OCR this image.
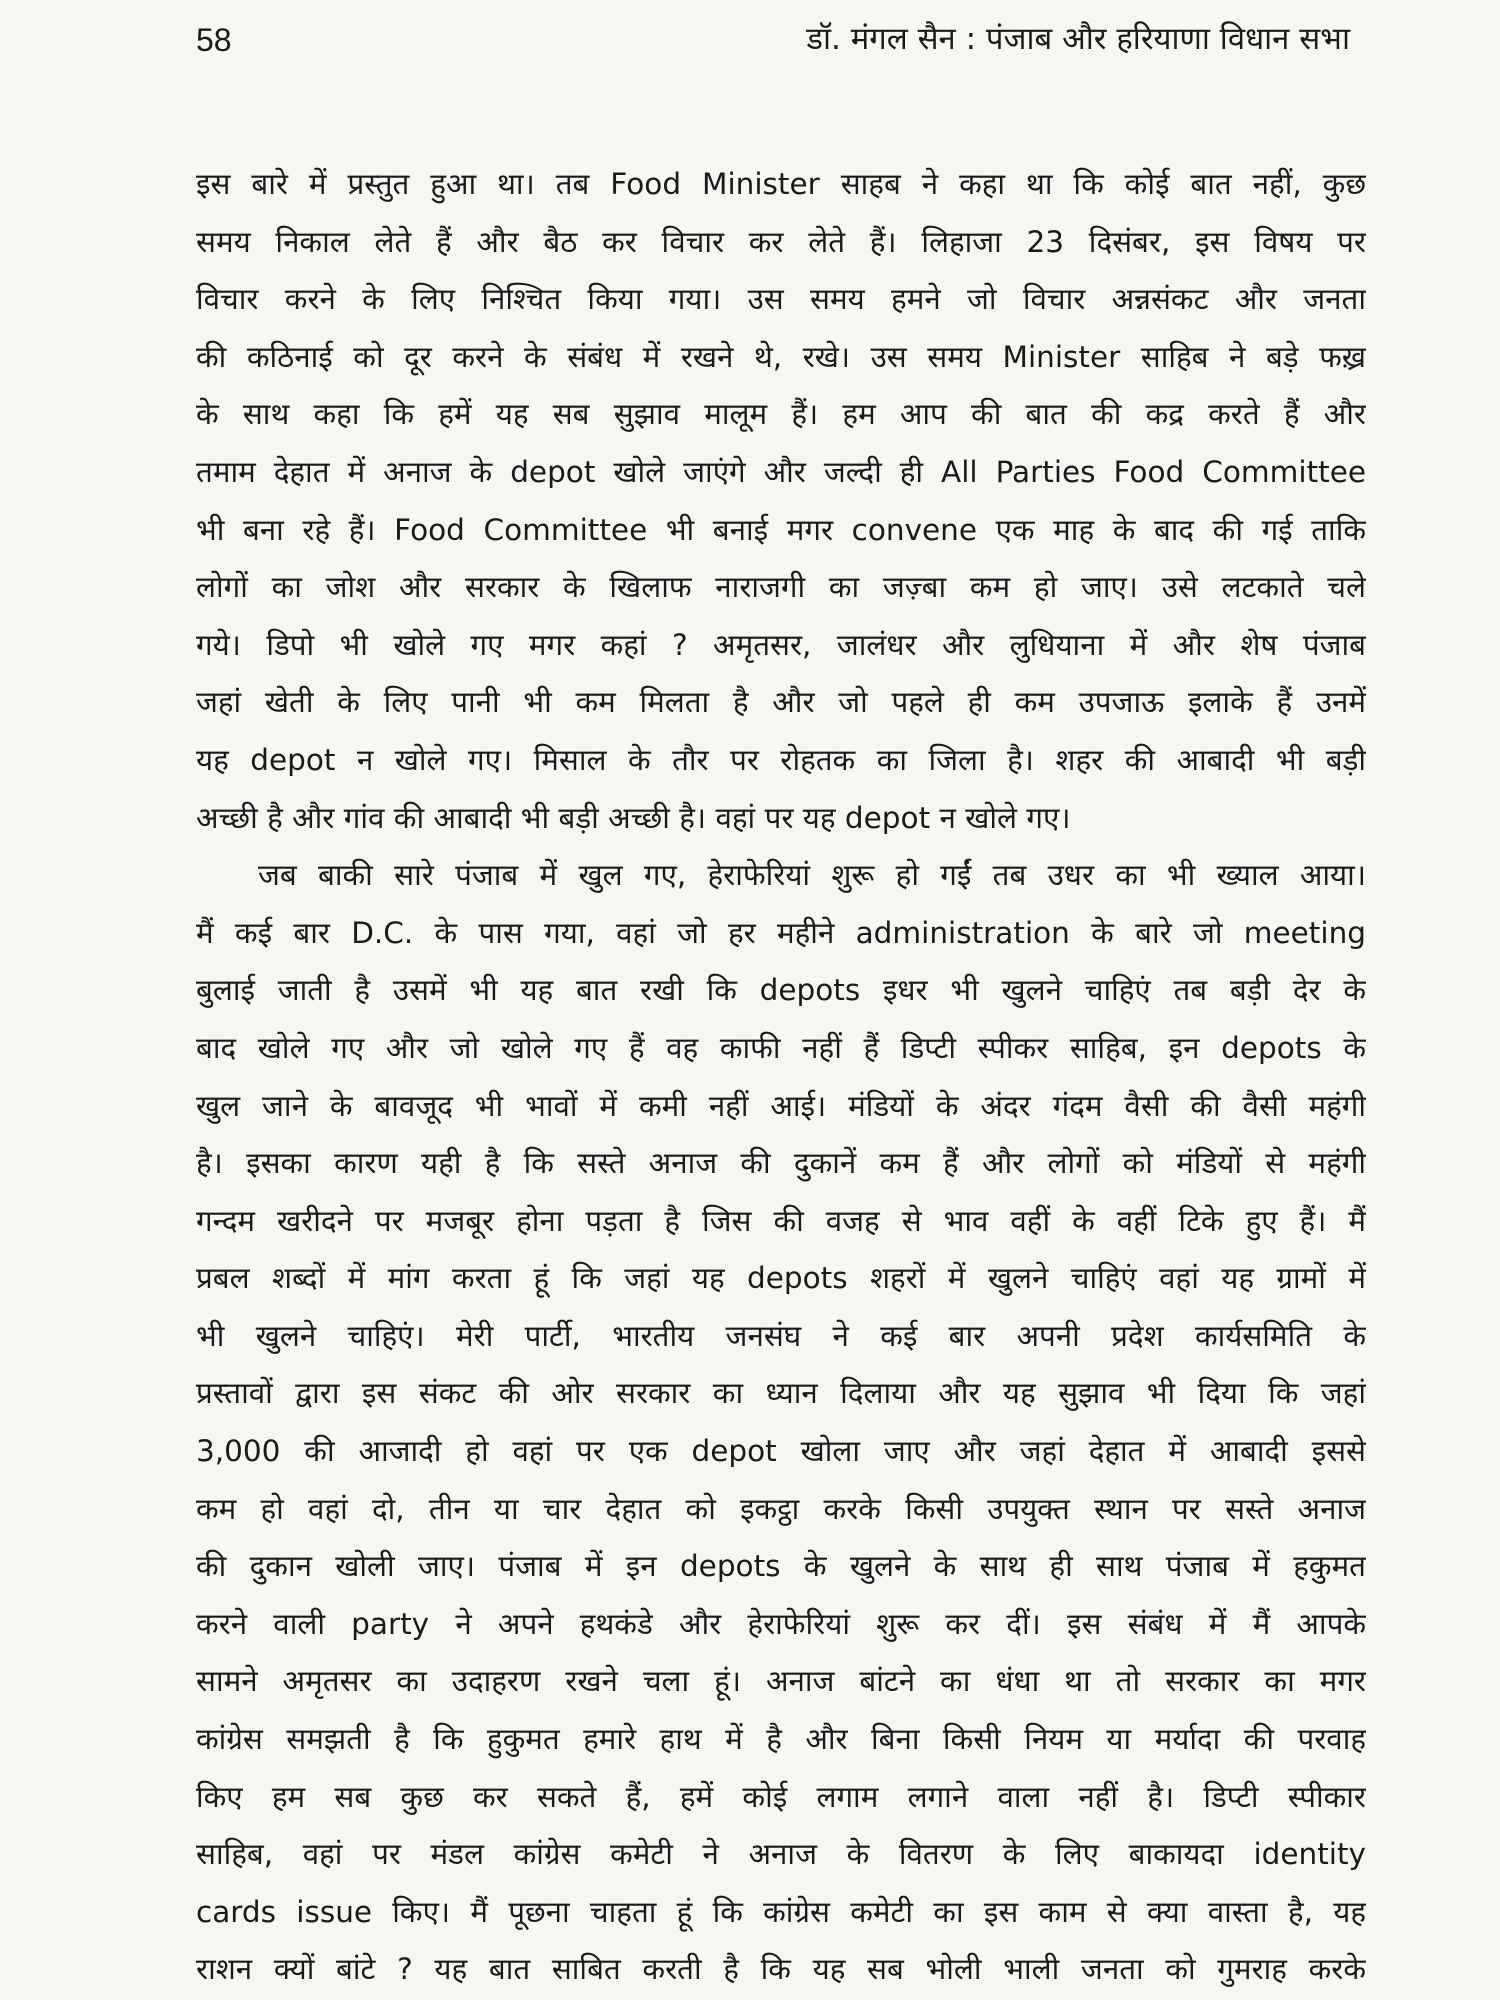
58	डॉ. मंगल सैन : पंजाब और हरियाणा विधान सभा
इस बारे में प्रस्तुत हुआ था। तब Food Minister साहब ने कहा था कि कोई बात नहीं, कुछ
समय निकाल लेते हैं और बैठ कर विचार कर लेते हैं। लिहाजा 23 दिसंबर, इस विषय पर
विचार करने के लिए निश्चित किया गया। उस समय हमने जो विचार अन्नसंकट और जनता
की कठिनाई को दूर करने के संबंध में रखने थे, रखे। उस समय Minister साहिब ने बड़े फख़्र
के साथ कहा कि हमें यह सब सुझाव मालूम हैं। हम आप की बात की कद्र करते हैं और
तमाम देहात में अनाज के depot खोले जाएंगे और जल्दी ही All Parties Food Committee
भी बना रहे हैं। Food Committee भी बनाई मगर convene एक माह के बाद की गई ताकि
लोगों का जोश और सरकार के खिलाफ नाराजगी का जज़्बा कम हो जाए। उसे लटकाते चले
गये। डिपो भी खोले गए मगर कहां ? अमृतसर, जालंधर और लुधियाना में और शेष पंजाब
जहां खेती के लिए पानी भी कम मिलता है और जो पहले ही कम उपजाऊ इलाके हैं उनमें
यह depot न खोले गए। मिसाल के तौर पर रोहतक का जिला है। शहर की आबादी भी बड़ी
अच्छी है और गांव की आबादी भी बड़ी अच्छी है। वहां पर यह depot न खोले गए।
जब बाकी सारे पंजाब में खुल गए, हेराफेरियां शुरू हो गईं तब उधर का भी ख्याल आया।
मैं कई बार D.C. के पास गया, वहां जो हर महीने administration के बारे जो meeting
बुलाई जाती है उसमें भी यह बात रखी कि depots इधर भी खुलने चाहिएं तब बड़ी देर के
बाद खोले गए और जो खोले गए हैं वह काफी नहीं हैं डिप्टी स्पीकर साहिब, इन depots के
खुल जाने के बावजूद भी भावों में कमी नहीं आई। मंडियों के अंदर गंदम वैसी की वैसी महंगी
है। इसका कारण यही है कि सस्ते अनाज की दुकानें कम हैं और लोगों को मंडियों से महंगी
गन्दम खरीदने पर मजबूर होना पड़ता है जिस की वजह से भाव वहीं के वहीं टिके हुए हैं। मैं
प्रबल शब्दों में मांग करता हूं कि जहां यह depots शहरों में खुलने चाहिएं वहां यह ग्रामों में
भी खुलने चाहिएं। मेरी पार्टी, भारतीय जनसंघ ने कई बार अपनी प्रदेश कार्यसमिति के
प्रस्तावों द्वारा इस संकट की ओर सरकार का ध्यान दिलाया और यह सुझाव भी दिया कि जहां
3,000 की आजादी हो वहां पर एक depot खोला जाए और जहां देहात में आबादी इससे
कम हो वहां दो, तीन या चार देहात को इकट्ठा करके किसी उपयुक्त स्थान पर सस्ते अनाज
की दुकान खोली जाए। पंजाब में इन depots के खुलने के साथ ही साथ पंजाब में हकुमत
करने वाली party ने अपने हथकंडे और हेराफेरियां शुरू कर दीं। इस संबंध में मैं आपके
सामने अमृतसर का उदाहरण रखने चला हूं। अनाज बांटने का धंधा था तो सरकार का मगर
कांग्रेस समझती है कि हुकुमत हमारे हाथ में है और बिना किसी नियम या मर्यादा की परवाह
किए हम सब कुछ कर सकते हैं, हमें कोई लगाम लगाने वाला नहीं है। डिप्टी स्पीकार
साहिब, वहां पर मंडल कांग्रेस कमेटी ने अनाज के वितरण के लिए बाकायदा identity
cards issue किए। मैं पूछना चाहता हूं कि कांग्रेस कमेटी का इस काम से क्या वास्ता है, यह
राशन क्यों बांटे ? यह बात साबित करती है कि यह सब भोली भाली जनता को गुमराह करके
